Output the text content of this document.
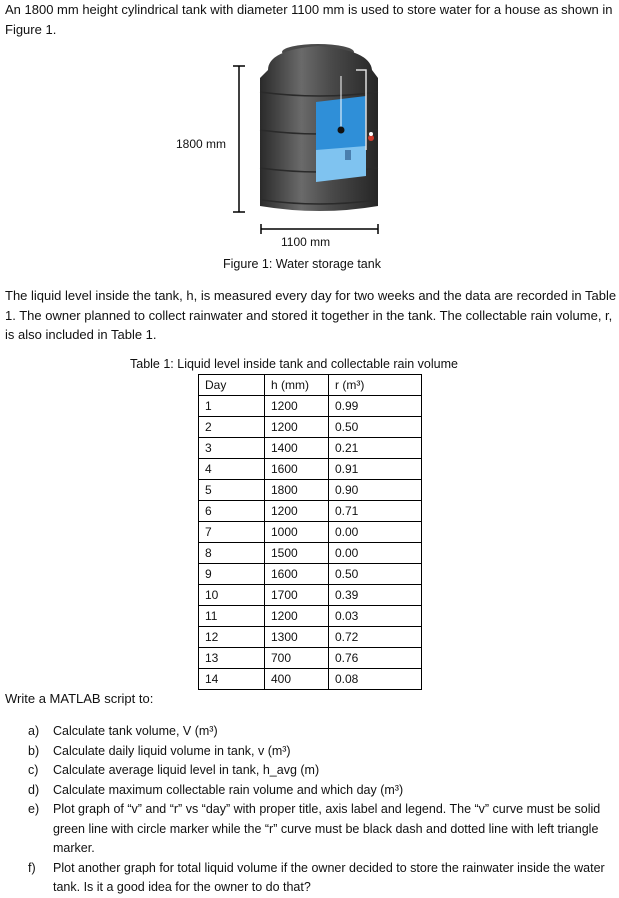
An 1800 mm height cylindrical tank with diameter 1100 mm is used to store water for a house as shown in Figure 1.

1800 mm
1100 mm
Figure 1: Water storage tank

The liquid level inside the tank, h, is measured every day for two weeks and the data are recorded in Table 1. The owner planned to collect rainwater and stored it together in the tank. The collectable rain volume, r, is also included in Table 1.

Table 1: Liquid level inside tank and collectable rain volume
Day	h (mm)	r (m³)
1	1200	0.99
2	1200	0.50
3	1400	0.21
4	1600	0.91
5	1800	0.90
6	1200	0.71
7	1000	0.00
8	1500	0.00
9	1600	0.50
10	1700	0.39
11	1200	0.03
12	1300	0.72
13	700	0.76
14	400	0.08
Write a MATLAB script to:
a) Calculate tank volume, V (m³)
b) Calculate daily liquid volume in tank, v (m³)
c) Calculate average liquid level in tank, h_avg (m)
d) Calculate maximum collectable rain volume and which day (m³)
e) Plot graph of “v” and “r” vs “day” with proper title, axis label and legend. The “v” curve must be solid green line with circle marker while the “r” curve must be black dash and dotted line with left triangle marker.
f) Plot another graph for total liquid volume if the owner decided to store the rainwater inside the water tank. Is it a good idea for the owner to do that?
